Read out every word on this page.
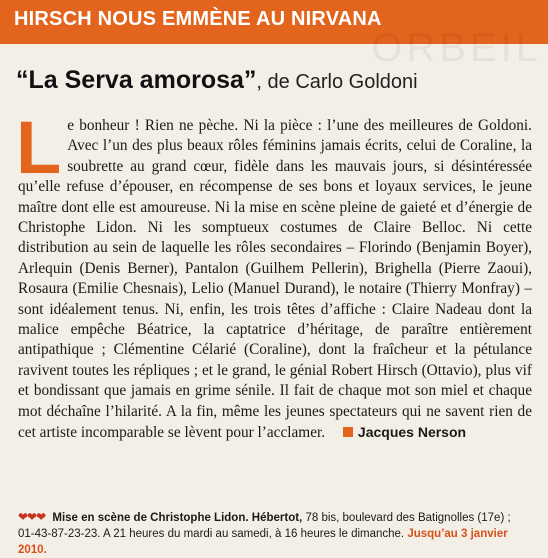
HIRSCH NOUS EMMÈNE AU NIRVANA
ORBEIL
“La Serva amorosa”, de Carlo Goldoni
Le bonheur ! Rien ne pèche. Ni la pièce : l’une des meilleures de Goldoni. Avec l’un des plus beaux rôles féminins jamais écrits, celui de Coraline, la soubrette au grand cœur, fidèle dans les mauvais jours, si désintéressée qu’elle refuse d’épouser, en récompense de ses bons et loyaux services, le jeune maître dont elle est amoureuse. Ni la mise en scène pleine de gaieté et d’énergie de Christophe Lidon. Ni les somptueux costumes de Claire Belloc. Ni cette distribution au sein de laquelle les rôles secondaires – Florindo (Benjamin Boyer), Arlequin (Denis Berner), Pantalon (Guilhem Pellerin), Brighella (Pierre Zaoui), Rosaura (Emilie Chesnais), Lelio (Manuel Durand), le notaire (Thierry Monfray) – sont idéalement tenus. Ni, enfin, les trois têtes d’affiche : Claire Nadeau dont la malice empêche Béatrice, la captatrice d’héritage, de paraître entièrement antipathique ; Clémentine Célarié (Coraline), dont la fraîcheur et la pétulance ravivent toutes les répliques ; et le grand, le génial Robert Hirsch (Ottavio), plus vif et bondissant que jamais en grime sénile. Il fait de chaque mot son miel et chaque mot déchaîne l’hilarité. A la fin, même les jeunes spectateurs qui ne savent rien de cet artiste incomparable se lèvent pour l’acclamer. Jacques Nerson
❤❤❤ Mise en scène de Christophe Lidon. Hébertot, 78 bis, boulevard des Batignolles (17e) ;
01-43-87-23-23. A 21 heures du mardi au samedi, à 16 heures le dimanche. Jusqu’au 3 janvier 2010.
